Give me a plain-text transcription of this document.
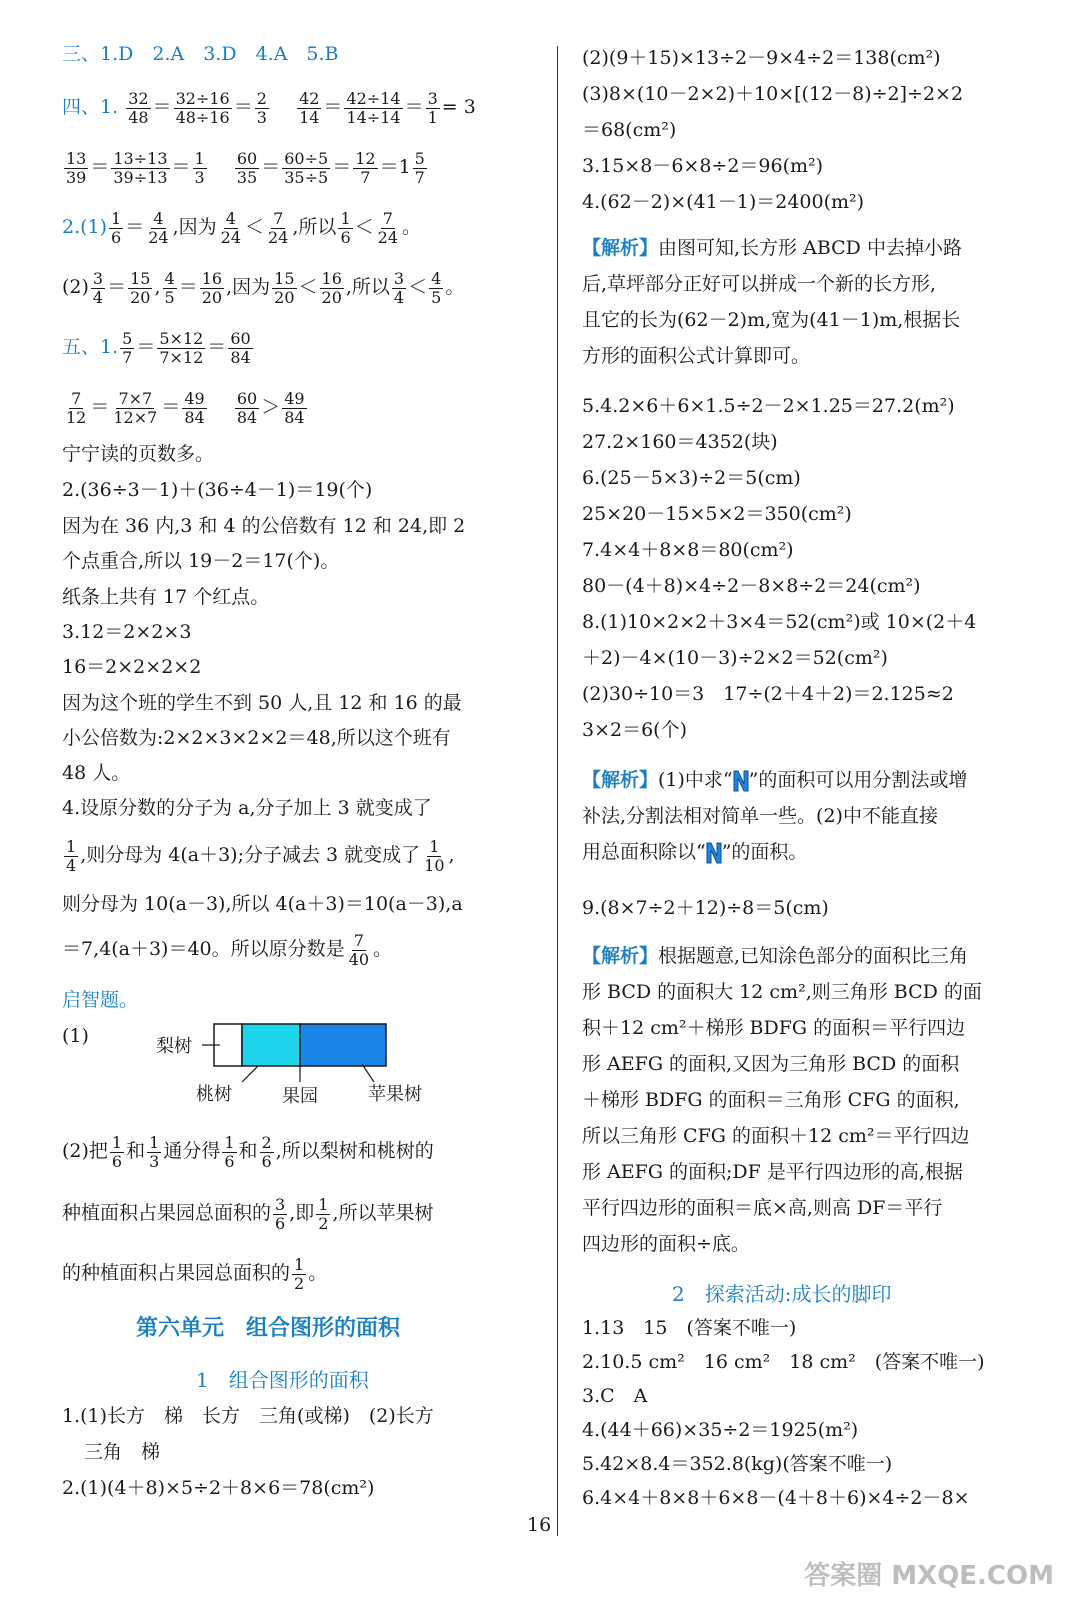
三、1.D　2.A　3.D　4.A　5.B
四、1. $\frac{32}{48} = \frac{32\div 16}{48\div 16} = \frac{2}{3}$
$\frac{42}{14} = \frac{42\div 14}{14\div 14} = \frac{3}{1} = 3$
$\frac{13}{39} = \frac{13\div 13}{39\div 13} = \frac{1}{3}$
$\frac{60}{35} = \frac{60\div 5}{35\div 5} = \frac{12}{7} =1 \frac{5}{7}$
$2.(1) \frac{1}{6} = \frac{4}{24}$ ,因为 $\frac{4}{24} < \frac{7}{24}$ ,所以 $\frac{1}{6} < \frac{7}{24}$ 。
$(2) \frac{3}{4} = \frac{15}{20}$ , $\frac{4}{5} = \frac{16}{20}$ ,因为 $\frac{15}{20} < \frac{16}{20}$ ,所以 $\frac{3}{4} < \frac{4}{5}$ 。
五、1. $\frac{5}{7} = \frac{5\times 12}{7\times 12} = \frac{60}{84}$
$\frac{7}{12} = \frac{7\times 7}{12\times 7} = \frac{49}{84}$
$\frac{60}{84} > \frac{49}{84}$
宁宁读的页数多。
2.(36÷3－1)＋(36÷4－1)＝19(个)
因为在 36 内,3 和 4 的公倍数有 12 和 24,即 2
个点重合,所以 19－2＝17(个)。
纸条上共有 17 个红点。
3.12＝2×2×3
16＝2×2×2×2
因为这个班的学生不到 50 人,且 12 和 16 的最
小公倍数为:2×2×3×2×2＝48,所以这个班有
48 人。
4.设原分数的分子为 a,分子加上 3 就变成了
$\frac{1}{4}$ ,则分母为 4(a＋3);分子减去 3 就变成了 $\frac{1}{10}$ ,
则分母为 10(a－3),所以 4(a＋3)＝10(a－3),a
＝7,4(a＋3)＝40。所以原分数是 $\frac{7}{40}$ 。
启智题。
(1)	梨树
桃树	果园	苹果树
(2)把 $\frac{1}{6}$ 和 $\frac{1}{3}$ 通分得 $\frac{1}{6}$ 和 $\frac{2}{6}$ ,所以梨树和桃树的
种植面积占果园总面积的 $\frac{3}{6}$ ,即 $\frac{1}{2}$ ,所以苹果树
的种植面积占果园总面积的 $\frac{1}{2}$ 。
第六单元　组合图形的面积
1　组合图形的面积
1.(1)长方　梯　长方　三角(或梯)　(2)长方
三角　梯
2.(1)(4＋8)×5÷2＋8×6＝78(cm²)
(2)(9＋15)×13÷2－9×4÷2＝138(cm²)
(3)8×(10－2×2)＋10×[(12－8)÷2]÷2×2
＝68(cm²)
3.15×8－6×8÷2＝96(m²)
4.(62－2)×(41－1)＝2400(m²)
【解析】由图可知,长方形 ABCD 中去掉小路
后,草坪部分正好可以拼成一个新的长方形,
且它的长为(62－2)m,宽为(41－1)m,根据长
方形的面积公式计算即可。
5.4.2×6＋6×1.5÷2－2×1.25＝27.2(m²)
27.2×160＝4352(块)
6.(25－5×3)÷2＝5(cm)
25×20－15×5×2＝350(cm²)
7.4×4＋8×8＝80(cm²)
80－(4＋8)×4÷2－8×8÷2＝24(cm²)
8.(1)10×2×2＋3×4＝52(cm²)或 10×(2＋4
＋2)－4×(10－3)÷2×2＝52(cm²)
(2)30÷10＝3　17÷(2＋4＋2)＝2.125≈2
3×2＝6(个)
【解析】(1)中求“ ”的面积可以用分割法或增
补法,分割法相对简单一些。(2)中不能直接
用总面积除以“ ”的面积。
9.(8×7÷2＋12)÷8＝5(cm)
【解析】根据题意,已知涂色部分的面积比三角
形 BCD 的面积大 12 cm²,则三角形 BCD 的面
积＋12 cm²＋梯形 BDFG 的面积＝平行四边
形 AEFG 的面积,又因为三角形 BCD 的面积
＋梯形 BDFG 的面积＝三角形 CFG 的面积,
所以三角形 CFG 的面积＋12 cm²＝平行四边
形 AEFG 的面积;DF 是平行四边形的高,根据
平行四边形的面积＝底×高,则高 DF＝平行
四边形的面积÷底。
2　探索活动:成长的脚印
1.13　15　(答案不唯一)
2.10.5 cm²　16 cm²　18 cm²　(答案不唯一)
3.C　A
4.(44＋66)×35÷2＝1925(m²)
5.42×8.4＝352.8(kg)(答案不唯一)
6.4×4＋8×8＋6×8－(4＋8＋6)×4÷2－8×
16
答案圈 MXQE.COM
